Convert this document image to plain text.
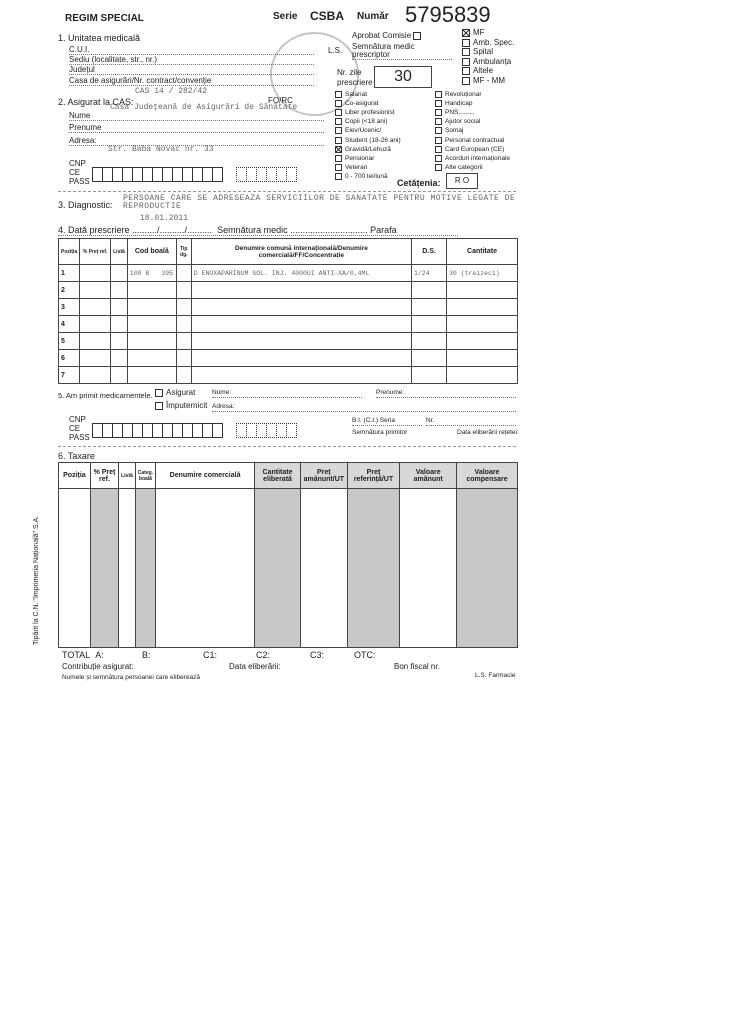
REGIM SPECIAL	Serie CSBA Număr 5795839
1. Unitatea medicală
C.U.I.
Sediu (localitate, str., nr.)
Județul
Casa de asigurări/Nr. contract/convenție
L.S.
CAS 14 / 282/42
Aprobat Comisie
Semnătura medic prescriptor
Nr. zile
prescriere	30
MF
Amb. Spec.
Spital
Ambulanța
Altele
MF - MM
2. Asigurat la CAS:
Casa Județeană de Asigurări de Sănătate
FO/RC
Nume
Prenume
Adresa:
Str. Baba Novac nr. 33
Salariat
Co-asigurat
Liber profesionist
Copii (<18 ani)
Elev/Ucenic/
Student (18-26 ani)
Gravidă/Lehuză
Pensionar
Veteran
0 - 700 lei/lună
Revoluționar
Handicap
PNS.........
Ajutor social
Șomaj
Personal contractual
Card European (CE)
Acorduri internaționale
Alte categorii
CNP
CE
PASS	Cetățenia:	R O
3. Diagnostic:
PERSOANE CARE SE ADRESEAZA SERVICIILOR DE SANATATE PENTRU MOTIVE LEGATE DE REPRODUCTIE
18.01.2011
4. Dată prescriere ........../........../.......... Semnătura medic ............................... Parafa
Poziția	% Preț ref.	Listă	Cod boală	Tip dg.	Denumire comună internațională/Denumire comercială/FF/Concentrație	D.S.	Cantitate
1			100 B 395		D ENOXAPARINUM SOL. INJ. 4000UI ANTI-XA/0,4ML	1/24	30 (treizeci)
2							
3							
4							
5							
6							
7							
5. Am primit medicamentele.	Asigurat
Împuternicit
Nume:	Prenume:
Adresa:
CNP
CE
PASS
B.I. (C.I.) Seria	Nr.
Semnătura primitor	Data eliberării rețetei:
6. Taxare
Poziția	% Preț ref.	Listă	Categ. boală	Denumire comercială	Cantitate eliberată	Preț amănunt/UT	Preț referință/UT	Valoare amănunt	Valoare compensare

TOTAL A:	B:	C1:	C2:	C3:	OTC:
Contribuție asigurat:	Data eliberării:	Bon fiscal nr.
Numele și semnătura persoanei care eliberează	L.S. Farmacie
Tipărit la C.N. "Imprimeria Națională" S.A.
